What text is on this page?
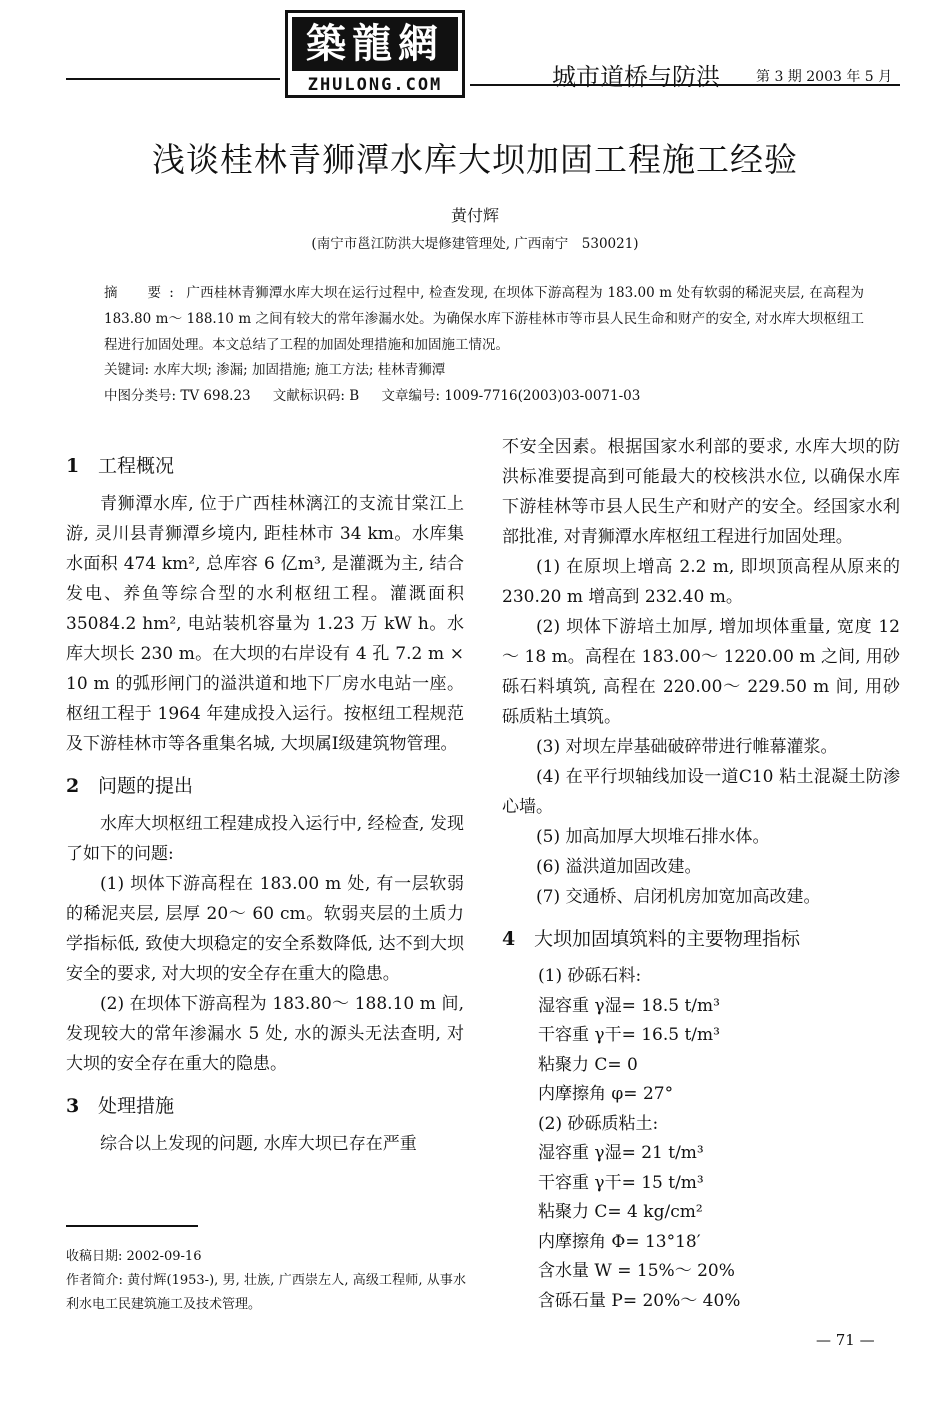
築龍網
ZHULONG.COM	城市道桥与防洪	第 3 期 2003 年 5 月
浅谈桂林青狮潭水库大坝加固工程施工经验
黄付辉
(南宁市邕江防洪大堤修建管理处, 广西南宁　530021)
摘　要: 广西桂林青狮潭水库大坝在运行过程中, 检查发现, 在坝体下游高程为 183.00 m 处有软弱的稀泥夹层, 在高程为 183.80 m～ 188.10 m 之间有较大的常年渗漏水处。为确保水库下游桂林市等市县人民生命和财产的安全, 对水库大坝枢纽工程进行加固处理。本文总结了工程的加固处理措施和加固施工情况。
关键词: 水库大坝; 渗漏; 加固措施; 施工方法; 桂林青狮潭
中图分类号: TV 698.23 文献标识码: B 文章编号: 1009-7716(2003)03-0071-03
1 工程概况

青狮潭水库, 位于广西桂林漓江的支流甘棠江上游, 灵川县青狮潭乡境内, 距桂林市 34 km。水库集水面积 474 km², 总库容 6 亿m³, 是灌溉为主, 结合发电、养鱼等综合型的水利枢纽工程。灌溉面积 35084.2 hm², 电站装机容量为 1.23 万 kW h。水库大坝长 230 m。在大坝的右岸设有 4 孔 7.2 m × 10 m 的弧形闸门的溢洪道和地下厂房水电站一座。枢纽工程于 1964 年建成投入运行。按枢纽工程规范及下游桂林市等各重集名城, 大坝属Ⅰ级建筑物管理。

2 问题的提出

水库大坝枢纽工程建成投入运行中, 经检查, 发现了如下的问题:

(1) 坝体下游高程在 183.00 m 处, 有一层软弱的稀泥夹层, 层厚 20～ 60 cm。软弱夹层的土质力学指标低, 致使大坝稳定的安全系数降低, 达不到大坝安全的要求, 对大坝的安全存在重大的隐患。

(2) 在坝体下游高程为 183.80～ 188.10 m 间, 发现较大的常年渗漏水 5 处, 水的源头无法查明, 对大坝的安全存在重大的隐患。

3 处理措施

综合以上发现的问题, 水库大坝已存在严重

不安全因素。根据国家水利部的要求, 水库大坝的防洪标准要提高到可能最大的校核洪水位, 以确保水库下游桂林等市县人民生产和财产的安全。经国家水利部批准, 对青狮潭水库枢纽工程进行加固处理。

(1) 在原坝上增高 2.2 m, 即坝顶高程从原来的 230.20 m 增高到 232.40 m。

(2) 坝体下游培土加厚, 增加坝体重量, 宽度 12～ 18 m。高程在 183.00～ 1220.00 m 之间, 用砂砾石料填筑, 高程在 220.00～ 229.50 m 间, 用砂砾质粘土填筑。

(3) 对坝左岸基础破碎带进行帷幕灌浆。

(4) 在平行坝轴线加设一道C10 粘土混凝土防渗心墙。

(5) 加高加厚大坝堆石排水体。

(6) 溢洪道加固改建。

(7) 交通桥、启闭机房加宽加高改建。

4 大坝加固填筑料的主要物理指标
(1) 砂砾石料:
湿容重 γ湿= 18.5 t/m³
干容重 γ干= 16.5 t/m³
粘聚力 C= 0
内摩擦角 φ= 27°
(2) 砂砾质粘土:
湿容重 γ湿= 21 t/m³
干容重 γ干= 15 t/m³
粘聚力 C= 4 kg/cm²
内摩擦角 Φ= 13°18′
含水量 W = 15%～ 20%
含砾石量 P= 20%～ 40%
收稿日期: 2002-09-16
作者简介: 黄付辉(1953-), 男, 壮族, 广西崇左人, 高级工程师, 从事水利水电工民建筑施工及技术管理。
— 71 —
